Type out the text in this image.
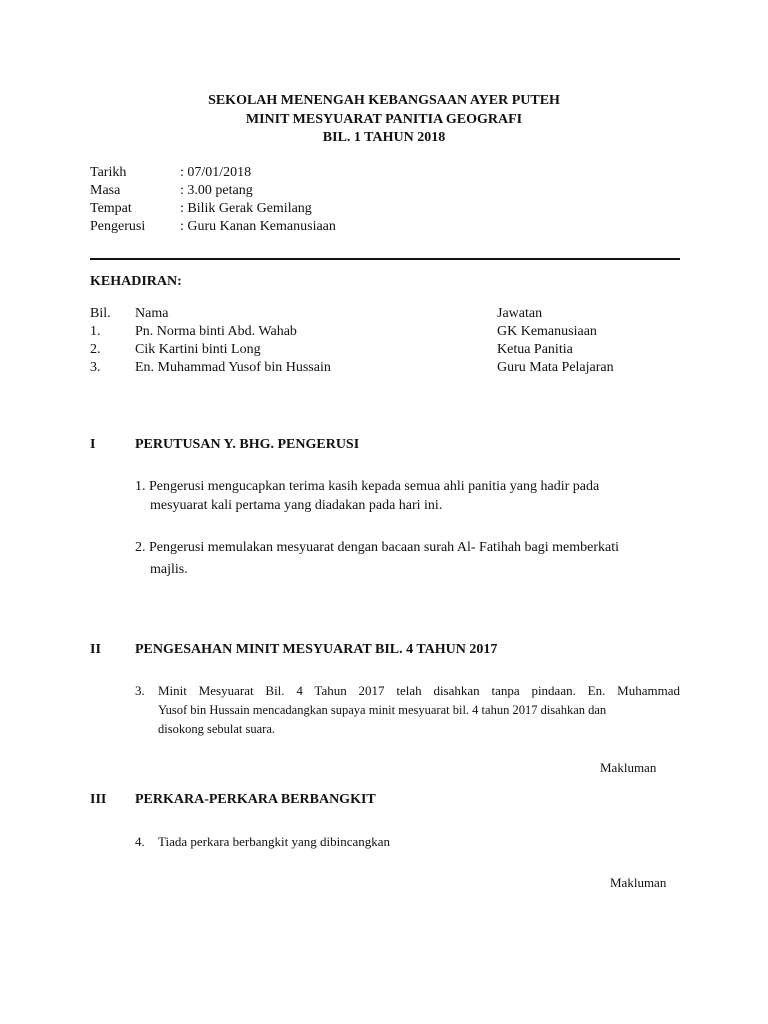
SEKOLAH MENENGAH KEBANGSAAN AYER PUTEH
MINIT MESYUARAT PANITIA GEOGRAFI
BIL. 1 TAHUN 2018
Tarikh	: 07/01/2018
Masa	: 3.00 petang
Tempat	: Bilik Gerak Gemilang
Pengerusi : Guru Kanan Kemanusiaan
KEHADIRAN:
Bil. Nama	Jawatan
1. Pn. Norma binti Abd. Wahab	GK Kemanusiaan
2. Cik Kartini binti Long	Ketua Panitia
3. En. Muhammad Yusof bin Hussain	Guru Mata Pelajaran
I	PERUTUSAN Y. BHG. PENGERUSI
1. Pengerusi mengucapkan terima kasih kepada semua ahli panitia yang hadir pada
mesyuarat kali pertama yang diadakan pada hari ini.
2. Pengerusi memulakan mesyuarat dengan bacaan surah Al- Fatihah bagi memberkati
majlis.
II PENGESAHAN MINIT MESYUARAT BIL. 4 TAHUN 2017
3. Minit Mesyuarat Bil. 4 Tahun 2017 telah disahkan tanpa pindaan. En. Muhammad
Yusof bin Hussain mencadangkan supaya minit mesyuarat bil. 4 tahun 2017 disahkan dan
disokong sebulat suara.
Makluman
III PERKARA-PERKARA BERBANGKIT
4. Tiada perkara berbangkit yang dibincangkan
Makluman
